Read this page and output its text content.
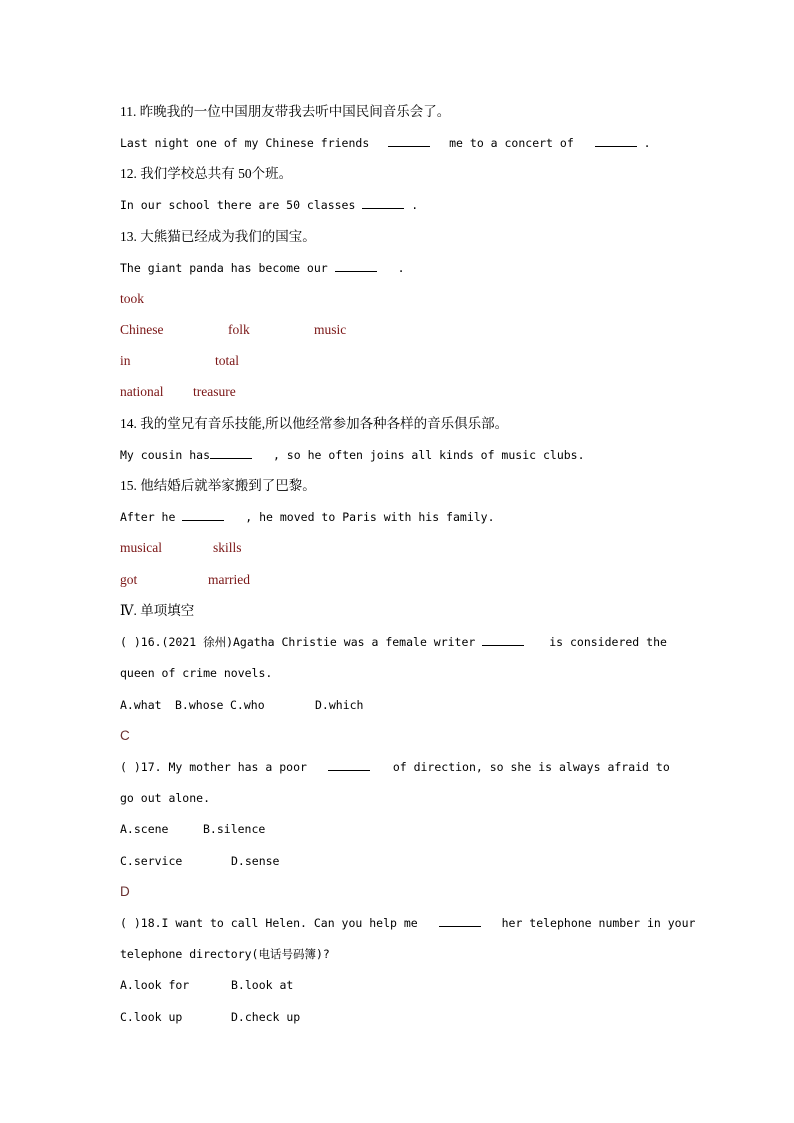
11. 昨晚我的一位中国朋友带我去听中国民间音乐会了。
Last night one of my Chinese friends	me to a concert of	.
12. 我们学校总共有 50个班。
In our school there are 50 classes	.
13. 大熊猫已经成为我们的国宝。
The giant panda has become our	.
took
Chinese	folk	music
in	total
national treasure
14. 我的堂兄有音乐技能,所以他经常参加各种各样的音乐俱乐部。
My cousin has	, so he often joins all kinds of music clubs.
15. 他结婚后就举家搬到了巴黎。
After he	, he moved to Paris with his family.
musical	skills
got	married
Ⅳ. 单项填空
( )16.(2021 徐州)Agatha Christie was a female writer	is considered the
queen of crime novels.
A.what B.whose C.who	D.which
C
( )17. My mother has a poor	of direction, so she is always afraid to
go out alone.
A.scene	B.silence
C.service	D.sense
D
( )18.I want to call Helen. Can you help me	her telephone number in your
telephone directory(电话号码簿)?
A.look for	B.look at
C.look up	D.check up
